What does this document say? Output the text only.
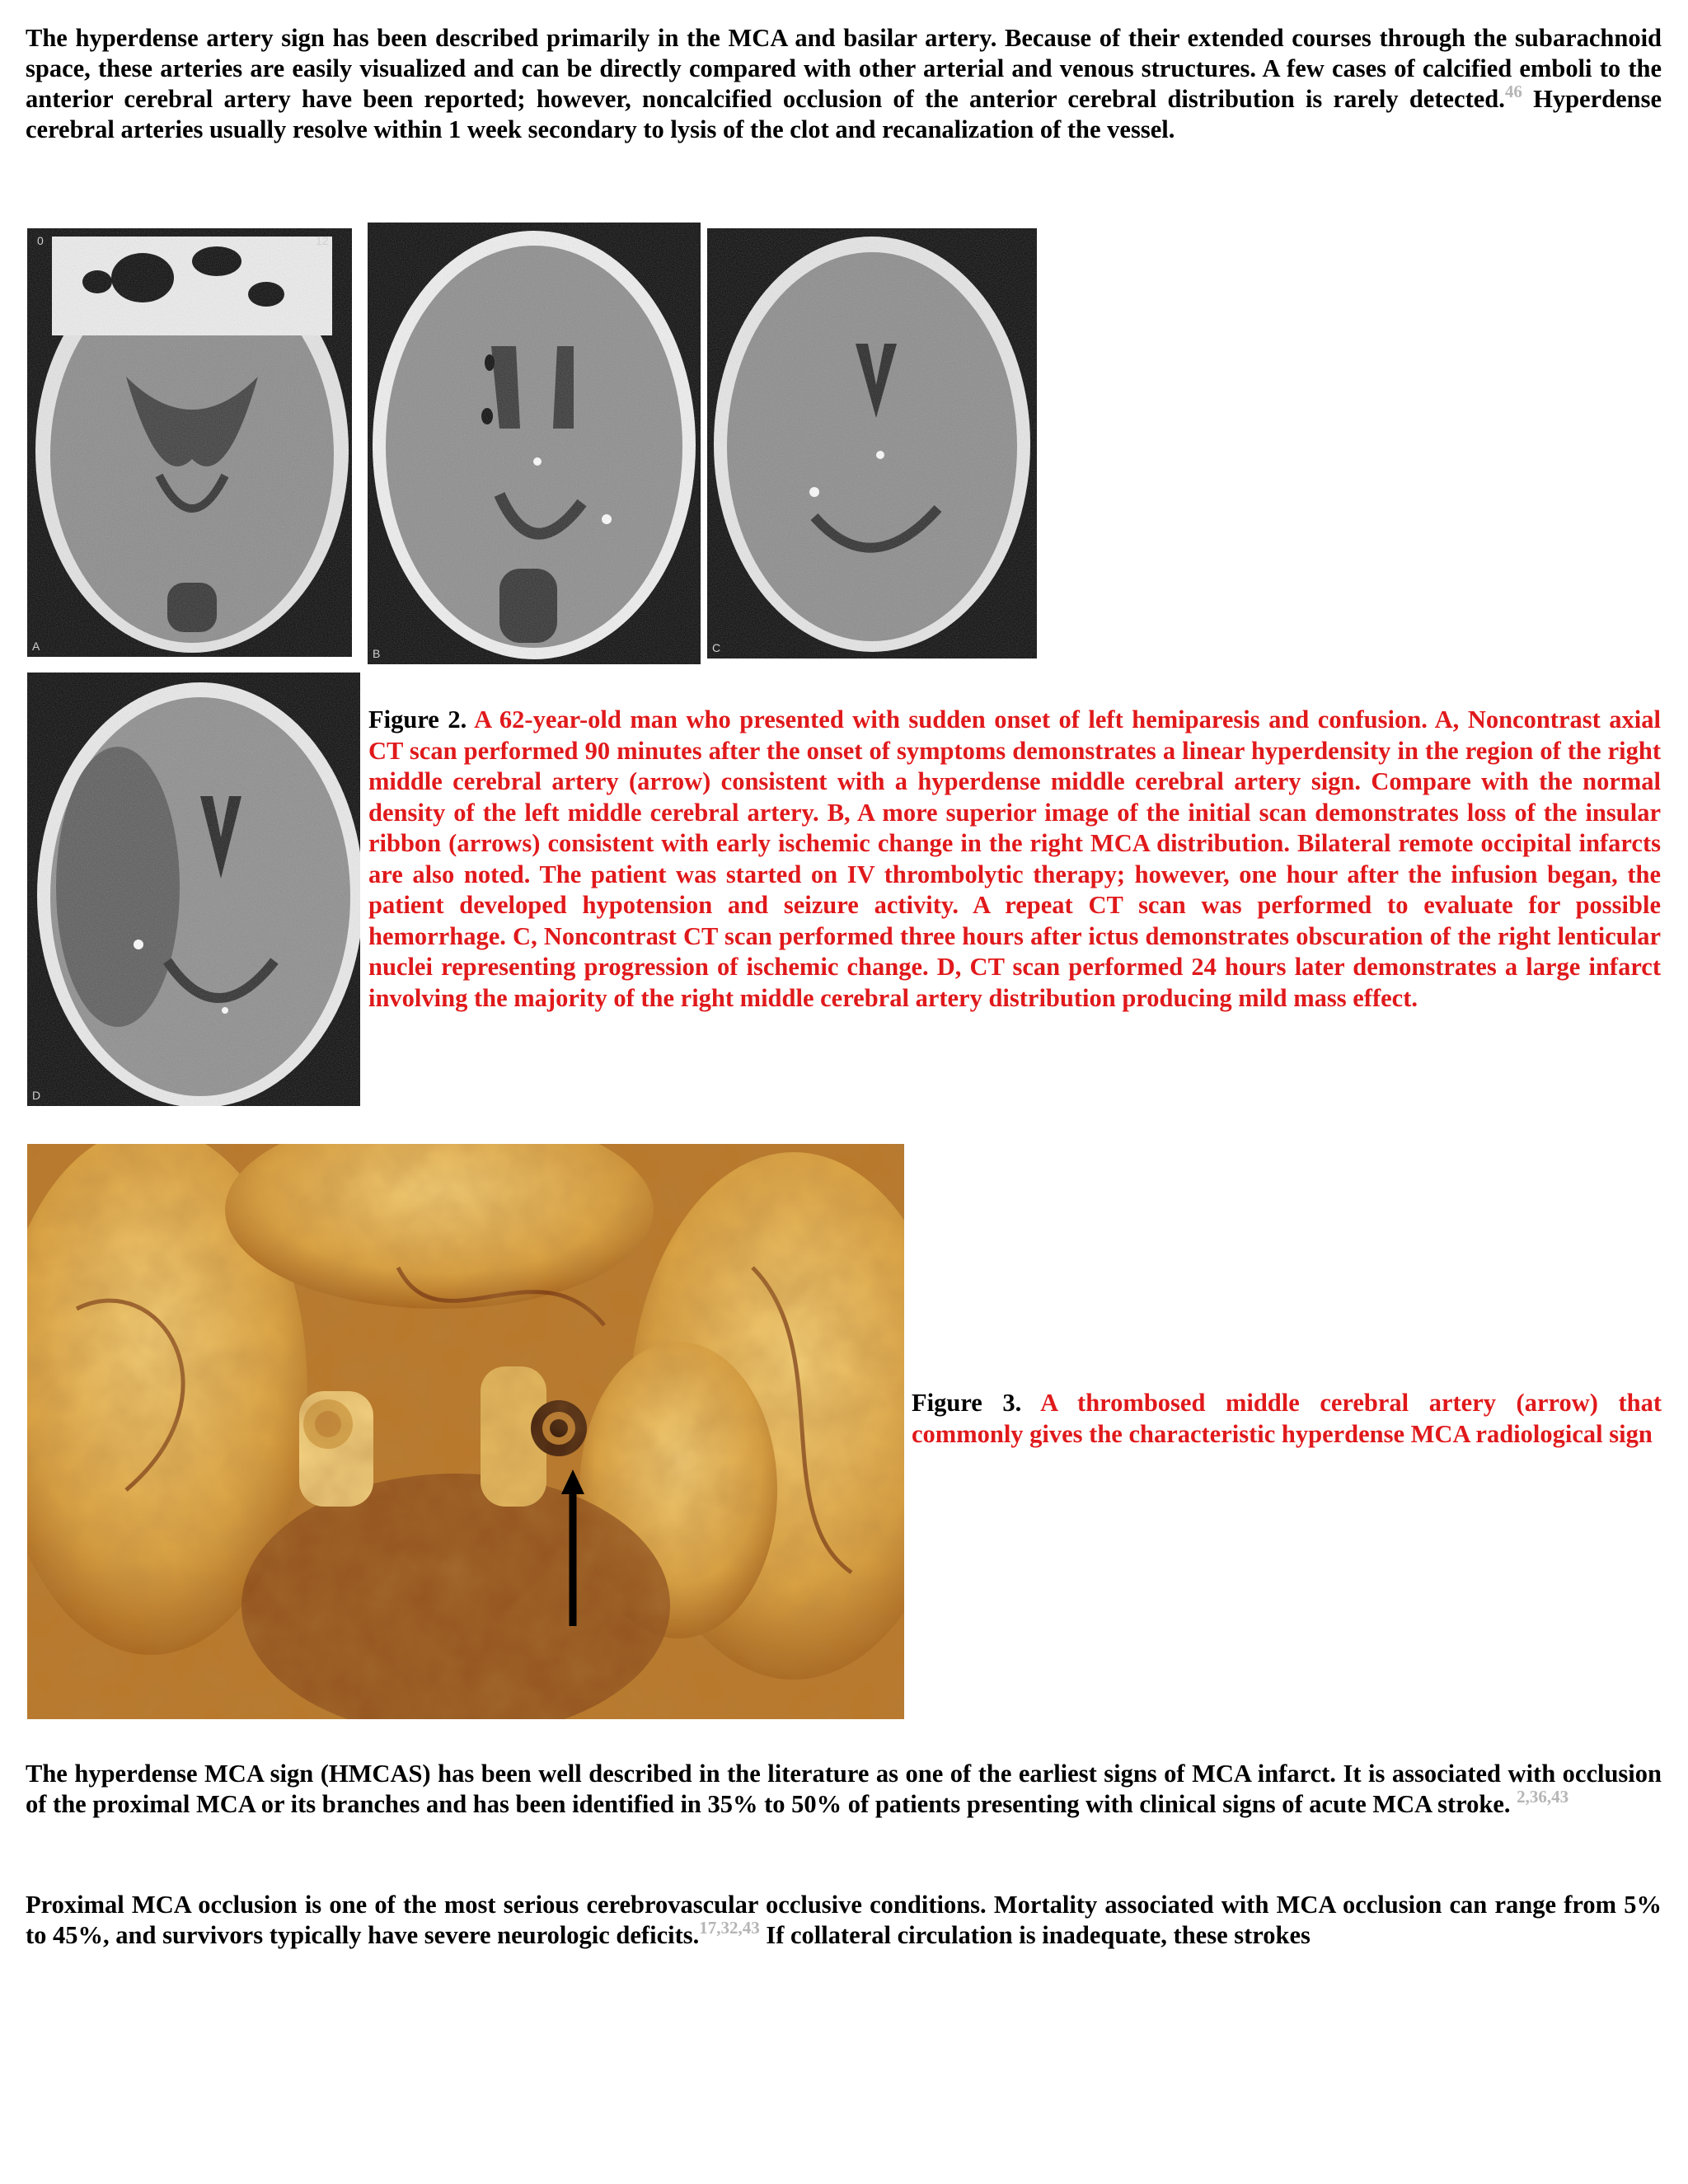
The hyperdense artery sign has been described primarily in the MCA and basilar artery. Because of their extended courses through the subarachnoid space, these arteries are easily visualized and can be directly compared with other arterial and venous structures. A few cases of calcified emboli to the anterior cerebral artery have been reported; however, noncalcified occlusion of the anterior cerebral distribution is rarely detected.$^{46}$ Hyperdense cerebral arteries usually resolve within 1 week secondary to lysis of the clot and recanalization of the vessel.

0	12
A
B	C
D

Figure 2. A 62-year-old man who presented with sudden onset of left hemiparesis and confusion. A, Noncontrast axial CT scan performed 90 minutes after the onset of symptoms demonstrates a linear hyperdensity in the region of the right middle cerebral artery (arrow) consistent with a hyperdense middle cerebral artery sign. Compare with the normal density of the left middle cerebral artery. B, A more superior image of the initial scan demonstrates loss of the insular ribbon (arrows) consistent with early ischemic change in the right MCA distribution. Bilateral remote occipital infarcts are also noted. The patient was started on IV thrombolytic therapy; however, one hour after the infusion began, the patient developed hypotension and seizure activity. A repeat CT scan was performed to evaluate for possible hemorrhage. C, Noncontrast CT scan performed three hours after ictus demonstrates obscuration of the right lenticular nuclei representing progression of ischemic change. D, CT scan performed 24 hours later demonstrates a large infarct involving the majority of the right middle cerebral artery distribution producing mild mass effect.

Figure 3. A thrombosed middle cerebral artery (arrow) that commonly gives the characteristic hyperdense MCA radiological sign

The hyperdense MCA sign (HMCAS) has been well described in the literature as one of the earliest signs of MCA infarct. It is associated with occlusion of the proximal MCA or its branches and has been identified in 35% to 50% of patients presenting with clinical signs of acute MCA stroke. $^{2,36,43}$

Proximal MCA occlusion is one of the most serious cerebrovascular occlusive conditions. Mortality associated with MCA occlusion can range from 5% to 45%, and survivors typically have severe neurologic deficits.$^{17,32,43}$ If collateral circulation is inadequate, these strokes
